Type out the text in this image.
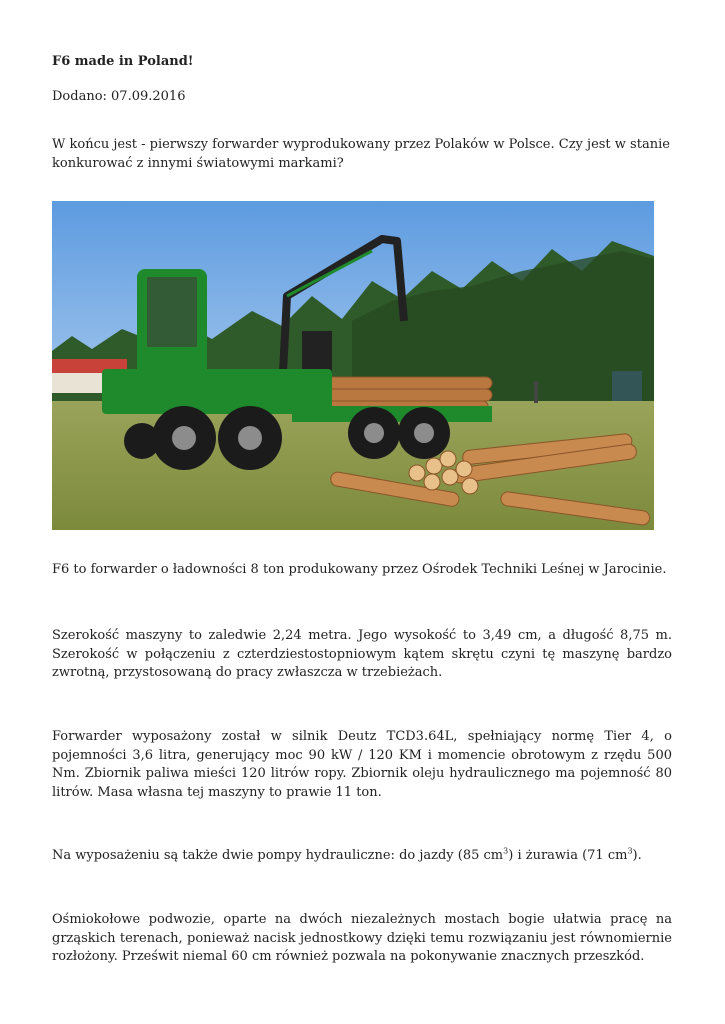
F6 made in Poland!

Dodano: 07.09.2016

W końcu jest - pierwszy forwarder wyprodukowany przez Polaków w Polsce. Czy jest w stanie konkurować z innymi światowymi markami?

F6 to forwarder o ładowności 8 ton produkowany przez Ośrodek Techniki Leśnej w Jarocinie.

Szerokość maszyny to zaledwie 2,24 metra. Jego wysokość to 3,49 cm, a długość 8,75 m. Szerokość w połączeniu z czterdziestostopniowym kątem skrętu czyni tę maszynę bardzo zwrotną, przystosowaną do pracy zwłaszcza w trzebieżach.

Forwarder wyposażony został w silnik Deutz TCD3.64L, spełniający normę Tier 4, o pojemności 3,6 litra, generujący moc 90 kW / 120 KM i momencie obrotowym z rzędu 500 Nm. Zbiornik paliwa mieści 120 litrów ropy. Zbiornik oleju hydraulicznego ma pojemność 80 litrów. Masa własna tej maszyny to prawie 11 ton.

Na wyposażeniu są także dwie pompy hydrauliczne: do jazdy (85 $cm^3$) i żurawia (71 $cm^3$).

Ośmiokołowe podwozie, oparte na dwóch niezależnych mostach bogie ułatwia pracę na grząskich terenach, ponieważ nacisk jednostkowy dzięki temu rozwiązaniu jest równomiernie rozłożony. Prześwit niemal 60 cm również pozwala na pokonywanie znacznych przeszkód.
